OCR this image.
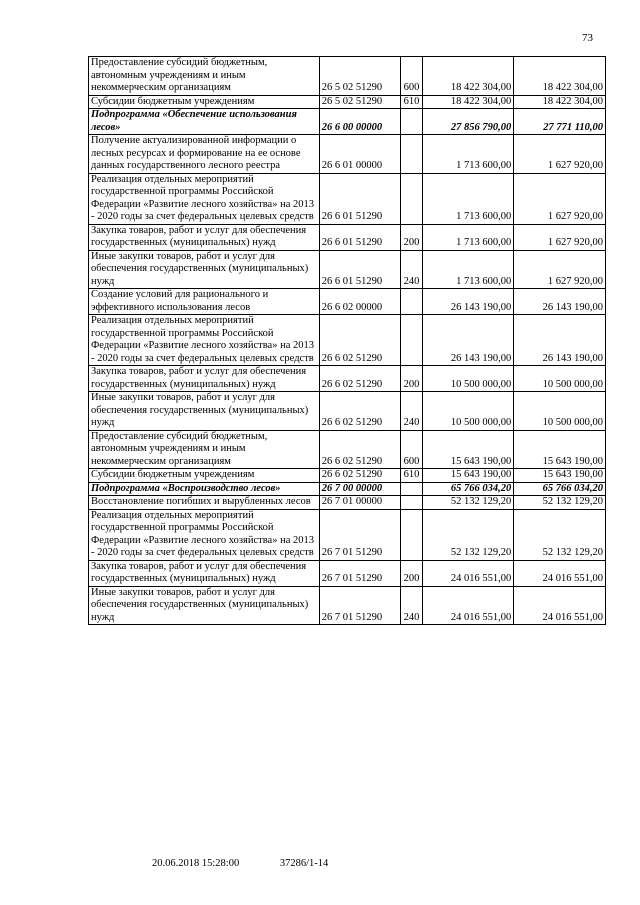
73
Предоставление субсидий бюджетным, автономным учреждениям и иным некоммерческим организациям	26 5 02 51290	600	18 422 304,00	18 422 304,00
Субсидии бюджетным учреждениям	26 5 02 51290	610	18 422 304,00	18 422 304,00
Подпрограмма «Обеспечение использования лесов»	26 6 00 00000		27 856 790,00	27 771 110,00
Получение актуализированной информации о лесных ресурсах и формирование на ее основе данных государственного лесного реестра	26 6 01 00000		1 713 600,00	1 627 920,00
Реализация отдельных мероприятий государственной программы Российской Федерации «Развитие лесного хозяйства» на 2013 - 2020 годы за счет федеральных целевых средств	26 6 01 51290		1 713 600,00	1 627 920,00
Закупка товаров, работ и услуг для обеспечения государственных (муниципальных) нужд	26 6 01 51290	200	1 713 600,00	1 627 920,00
Иные закупки товаров, работ и услуг для обеспечения государственных (муниципальных) нужд	26 6 01 51290	240	1 713 600,00	1 627 920,00
Создание условий для рационального и эффективного использования лесов	26 6 02 00000		26 143 190,00	26 143 190,00
Реализация отдельных мероприятий государственной программы Российской Федерации «Развитие лесного хозяйства» на 2013 - 2020 годы за счет федеральных целевых средств	26 6 02 51290		26 143 190,00	26 143 190,00
Закупка товаров, работ и услуг для обеспечения государственных (муниципальных) нужд	26 6 02 51290	200	10 500 000,00	10 500 000,00
Иные закупки товаров, работ и услуг для обеспечения государственных (муниципальных) нужд	26 6 02 51290	240	10 500 000,00	10 500 000,00
Предоставление субсидий бюджетным, автономным учреждениям и иным некоммерческим организациям	26 6 02 51290	600	15 643 190,00	15 643 190,00
Субсидии бюджетным учреждениям	26 6 02 51290	610	15 643 190,00	15 643 190,00
Подпрограмма «Воспроизводство лесов»	26 7 00 00000		65 766 034,20	65 766 034,20
Восстановление погибших и вырубленных лесов	26 7 01 00000		52 132 129,20	52 132 129,20
Реализация отдельных мероприятий государственной программы Российской Федерации «Развитие лесного хозяйства» на 2013 - 2020 годы за счет федеральных целевых средств	26 7 01 51290		52 132 129,20	52 132 129,20
Закупка товаров, работ и услуг для обеспечения государственных (муниципальных) нужд	26 7 01 51290	200	24 016 551,00	24 016 551,00
Иные закупки товаров, работ и услуг для обеспечения государственных (муниципальных) нужд	26 7 01 51290	240	24 016 551,00	24 016 551,00
20.06.2018 15:28:00	37286/1-14
